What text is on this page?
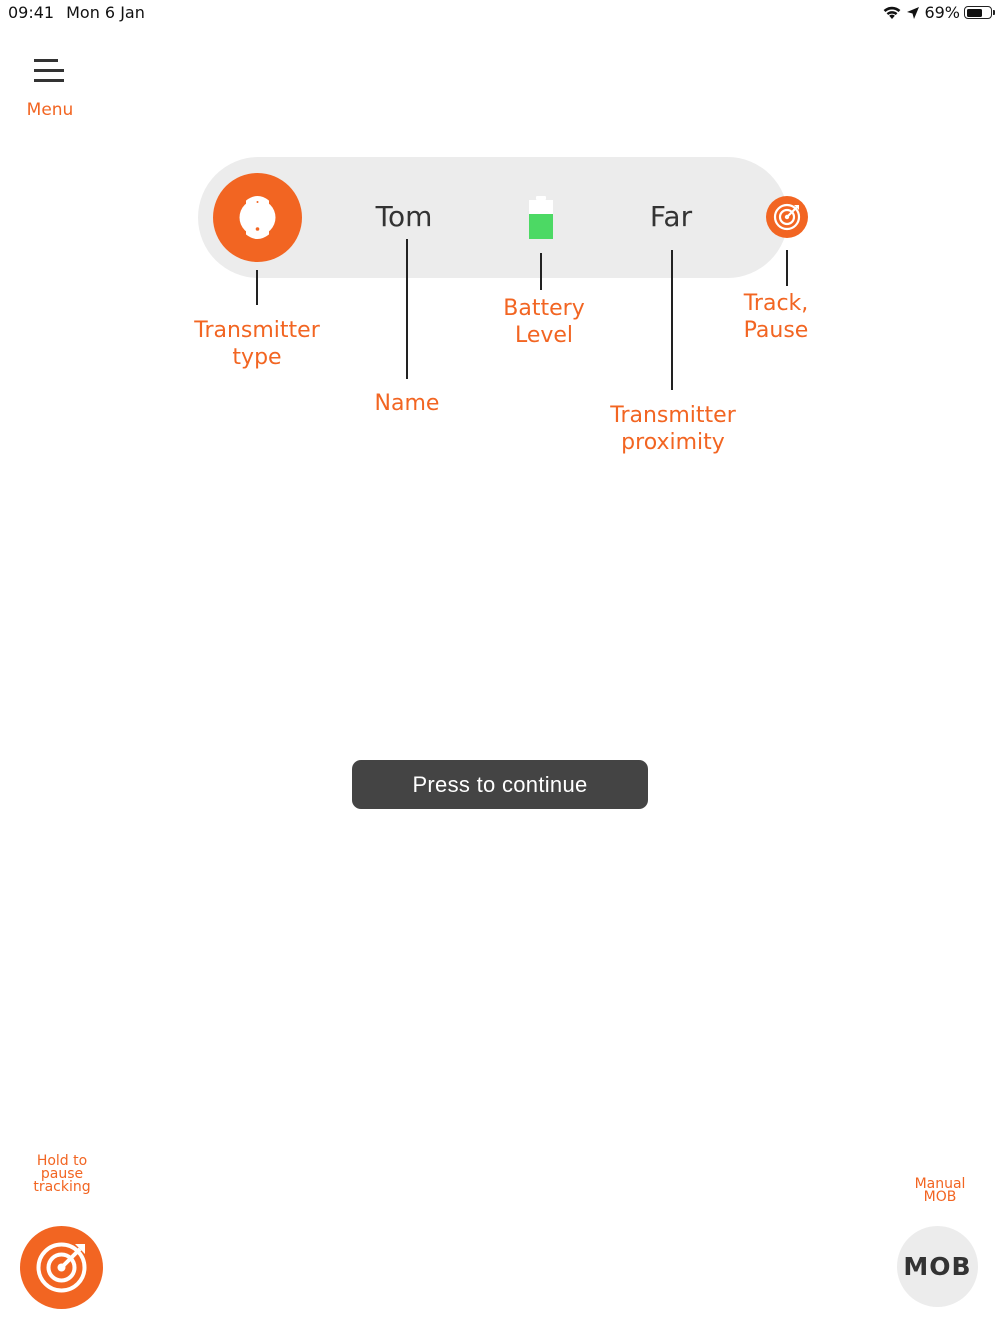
09:41 Mon 6 Jan	69%
Menu
Tom	Far
Transmitter
type
Name
Battery
Level
Transmitter
proximity
Track,
Pause
Press to continue
Hold to
pause
tracking	Manual
MOB
MOB
